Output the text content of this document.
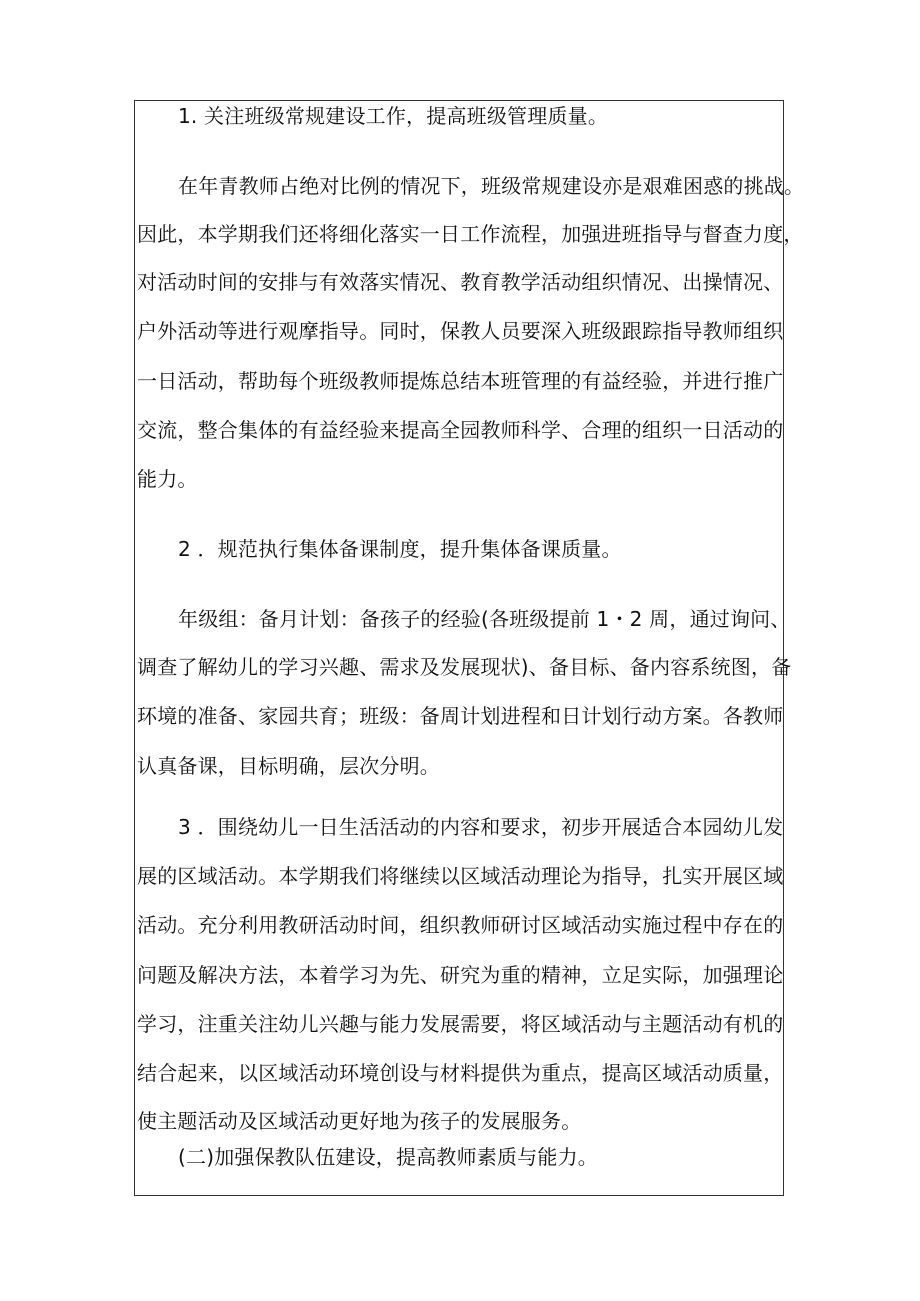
1. 关注班级常规建设工作，提高班级管理质量。
在年青教师占绝对比例的情况下，班级常规建设亦是艰难困惑的挑战。
因此，本学期我们还将细化落实一日工作流程，加强进班指导与督查力度，
对活动时间的安排与有效落实情况、教育教学活动组织情况、出操情况、
户外活动等进行观摩指导。同时，保教人员要深入班级跟踪指导教师组织
一日活动，帮助每个班级教师提炼总结本班管理的有益经验，并进行推广
交流，整合集体的有益经验来提高全园教师科学、合理的组织一日活动的
能力。
2 ．规范执行集体备课制度，提升集体备课质量。
年级组：备月计划：备孩子的经验(各班级提前 1・2 周，通过询问、
调查了解幼儿的学习兴趣、需求及发展现状)、备目标、备内容系统图，备
环境的准备、家园共育；班级：备周计划进程和日计划行动方案。各教师
认真备课，目标明确，层次分明。
3 ．围绕幼儿一日生活活动的内容和要求，初步开展适合本园幼儿发
展的区域活动。本学期我们将继续以区域活动理论为指导，扎实开展区域
活动。充分利用教研活动时间，组织教师研讨区域活动实施过程中存在的
问题及解决方法，本着学习为先、研究为重的精神，立足实际，加强理论
学习，注重关注幼儿兴趣与能力发展需要，将区域活动与主题活动有机的
结合起来，以区域活动环境创设与材料提供为重点，提高区域活动质量，
使主题活动及区域活动更好地为孩子的发展服务。
(二)加强保教队伍建设，提高教师素质与能力。
